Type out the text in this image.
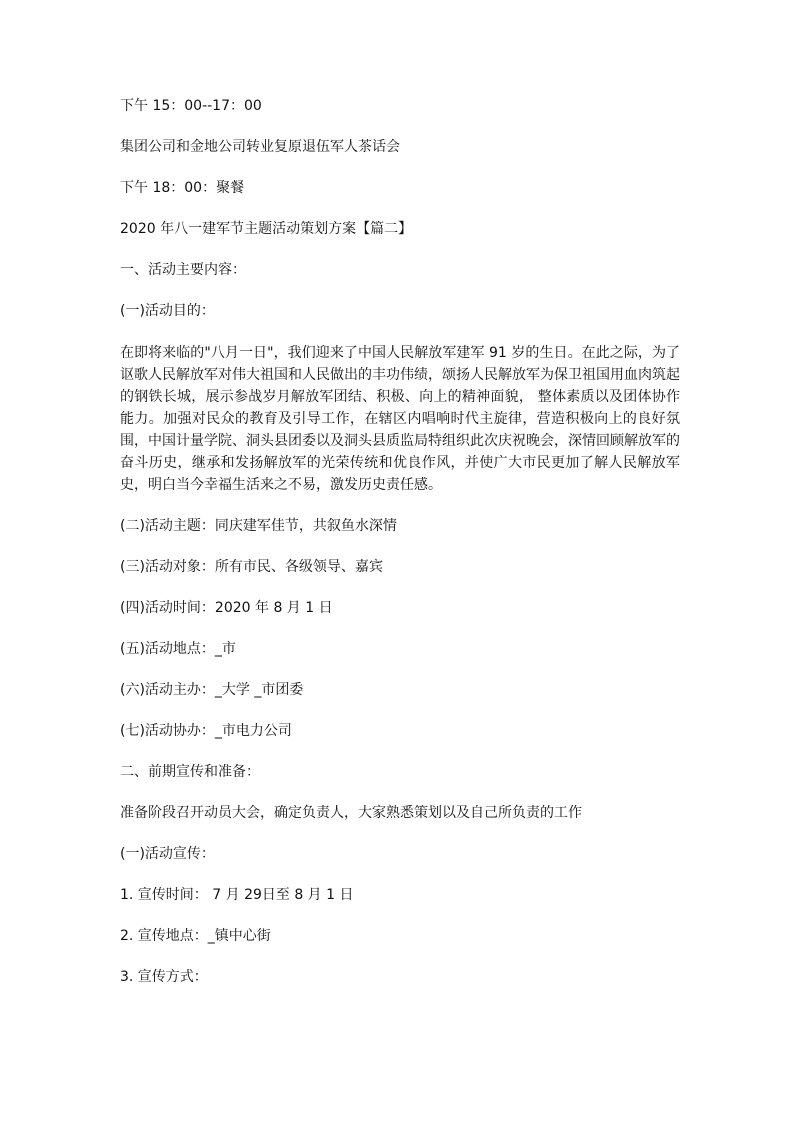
下午 15：00--17：00

集团公司和金地公司转业复原退伍军人茶话会

下午 18：00：聚餐

2020 年八一建军节主题活动策划方案【篇二】

一、活动主要内容：

(一)活动目的：

在即将来临的"八月一日"，我们迎来了中国人民解放军建军 91 岁的生日。在此之际，为了讴歌人民解放军对伟大祖国和人民做出的丰功伟绩，颂扬人民解放军为保卫祖国用血肉筑起的钢铁长城，展示参战岁月解放军团结、积极、向上的精神面貌， 整体素质以及团体协作能力。加强对民众的教育及引导工作，在辖区内唱响时代主旋律，营造积极向上的良好氛围，中国计量学院、洞头县团委以及洞头县质监局特组织此次庆祝晚会，深情回顾解放军的奋斗历史，继承和发扬解放军的光荣传统和优良作风，并使广大市民更加了解人民解放军史，明白当今幸福生活来之不易，激发历史责任感。

(二)活动主题：同庆建军佳节，共叙鱼水深情

(三)活动对象：所有市民、各级领导、嘉宾

(四)活动时间：2020 年 8 月 1 日

(五)活动地点：_市

(六)活动主办：_大学 _市团委

(七)活动协办：_市电力公司

二、前期宣传和准备：

准备阶段召开动员大会，确定负责人，大家熟悉策划以及自己所负责的工作

(一)活动宣传：

1. 宣传时间： 7 月 29日至 8 月 1 日

2. 宣传地点：_镇中心街

3. 宣传方式：
